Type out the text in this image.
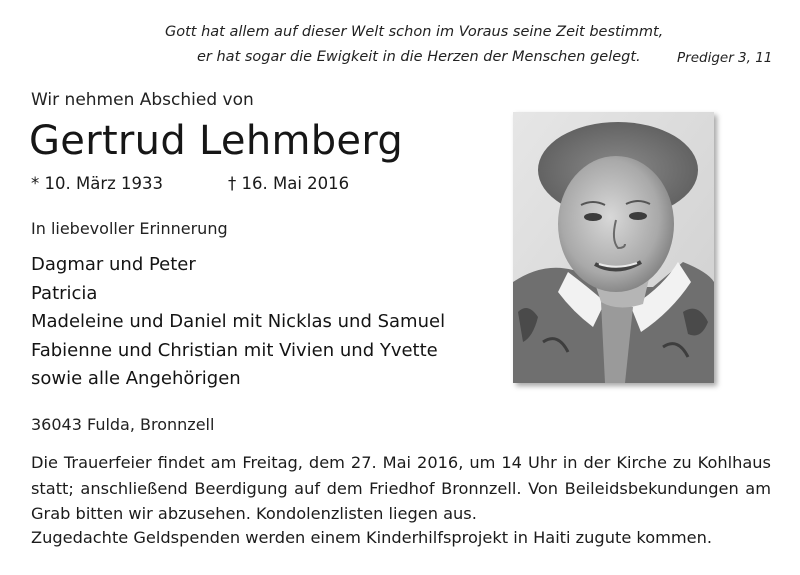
Gott hat allem auf dieser Welt schon im Voraus seine Zeit bestimmt,
er hat sogar die Ewigkeit in die Herzen der Menschen gelegt.	Prediger 3, 11
Wir nehmen Abschied von
Gertrud Lehmberg
* 10. März 1933	† 16. Mai 2016
In liebevoller Erinnerung
Dagmar und Peter
Patricia
Madeleine und Daniel mit Nicklas und Samuel
Fabienne und Christian mit Vivien und Yvette
sowie alle Angehörigen
36043 Fulda, Bronnzell
Die Trauerfeier findet am Freitag, dem 27. Mai 2016, um 14 Uhr in der Kirche zu Kohlhaus statt; anschließend Beerdigung auf dem Friedhof Bronnzell. Von Beileidsbekundungen am Grab bitten wir abzusehen. Kondolenzlisten liegen aus.
Zugedachte Geldspenden werden einem Kinderhilfsprojekt in Haiti zugute kommen.
